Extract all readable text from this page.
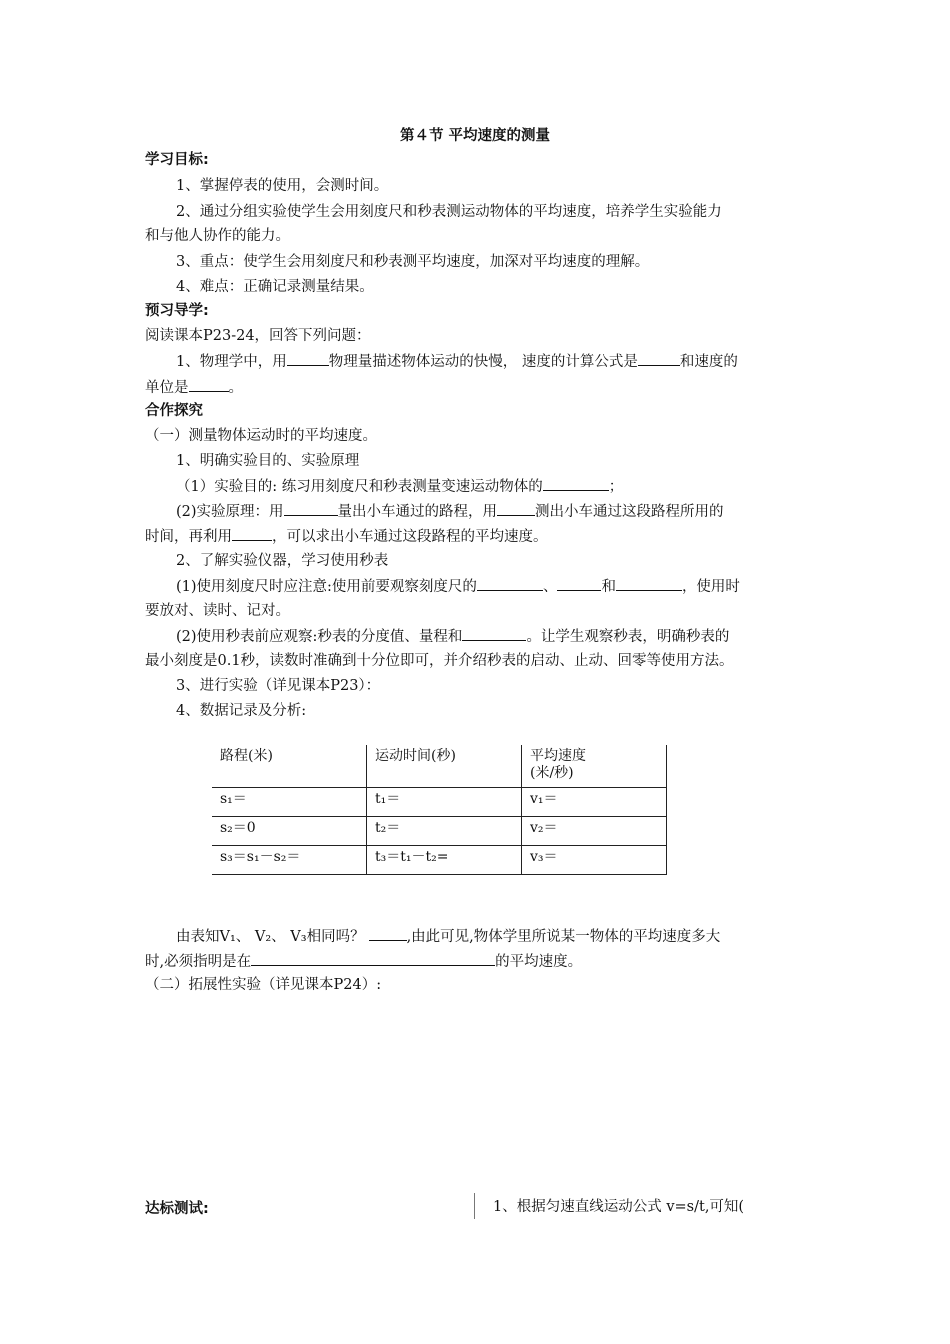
第４节 平均速度的测量
学习目标:
1、掌握停表的使用，会测时间。
2、通过分组实验使学生会用刻度尺和秒表测运动物体的平均速度，培养学生实验能力
和与他人协作的能力。
3、重点：使学生会用刻度尺和秒表测平均速度，加深对平均速度的理解。
4、难点：正确记录测量结果。
预习导学:
阅读课本P23-24，回答下列问题：
1、物理学中，用	物理量描述物体运动的快慢， 速度的计算公式是	和速度的
单位是	。
合作探究
（一）测量物体运动时的平均速度。
1、明确实验目的、实验原理
（1）实验目的: 练习用刻度尺和秒表测量变速运动物体的	；
(2)实验原理：用	量出小车通过的路程，用	测出小车通过这段路程所用的
时间，再利用	，可以求出小车通过这段路程的平均速度。
2、了解实验仪器，学习使用秒表
(1)使用刻度尺时应注意:使用前要观察刻度尺的	、	和	，使用时
要放对、读时、记对。
(2)使用秒表前应观察:秒表的分度值、量程和	。让学生观察秒表，明确秒表的
最小刻度是0.1秒，读数时准确到十分位即可，并介绍秒表的启动、止动、回零等使用方法。
3、进行实验（详见课本P23）：
4、数据记录及分析:
路程(米)	运动时间(秒)	平均速度
(米/秒)

s₁＝	t₁＝	v₁＝
s₂＝0	t₂＝	v₂＝
s₃＝s₁－s₂＝	t₃＝t₁－t₂=	v₃＝
由表知V₁、 V₂、 V₃相同吗？	,由此可见,物体学里所说某一物体的平均速度多大
时,必须指明是在	的平均速度。
（二）拓展性实验（详见课本P24）:
达标测试:	1、根据匀速直线运动公式 v=s/t,可知(
